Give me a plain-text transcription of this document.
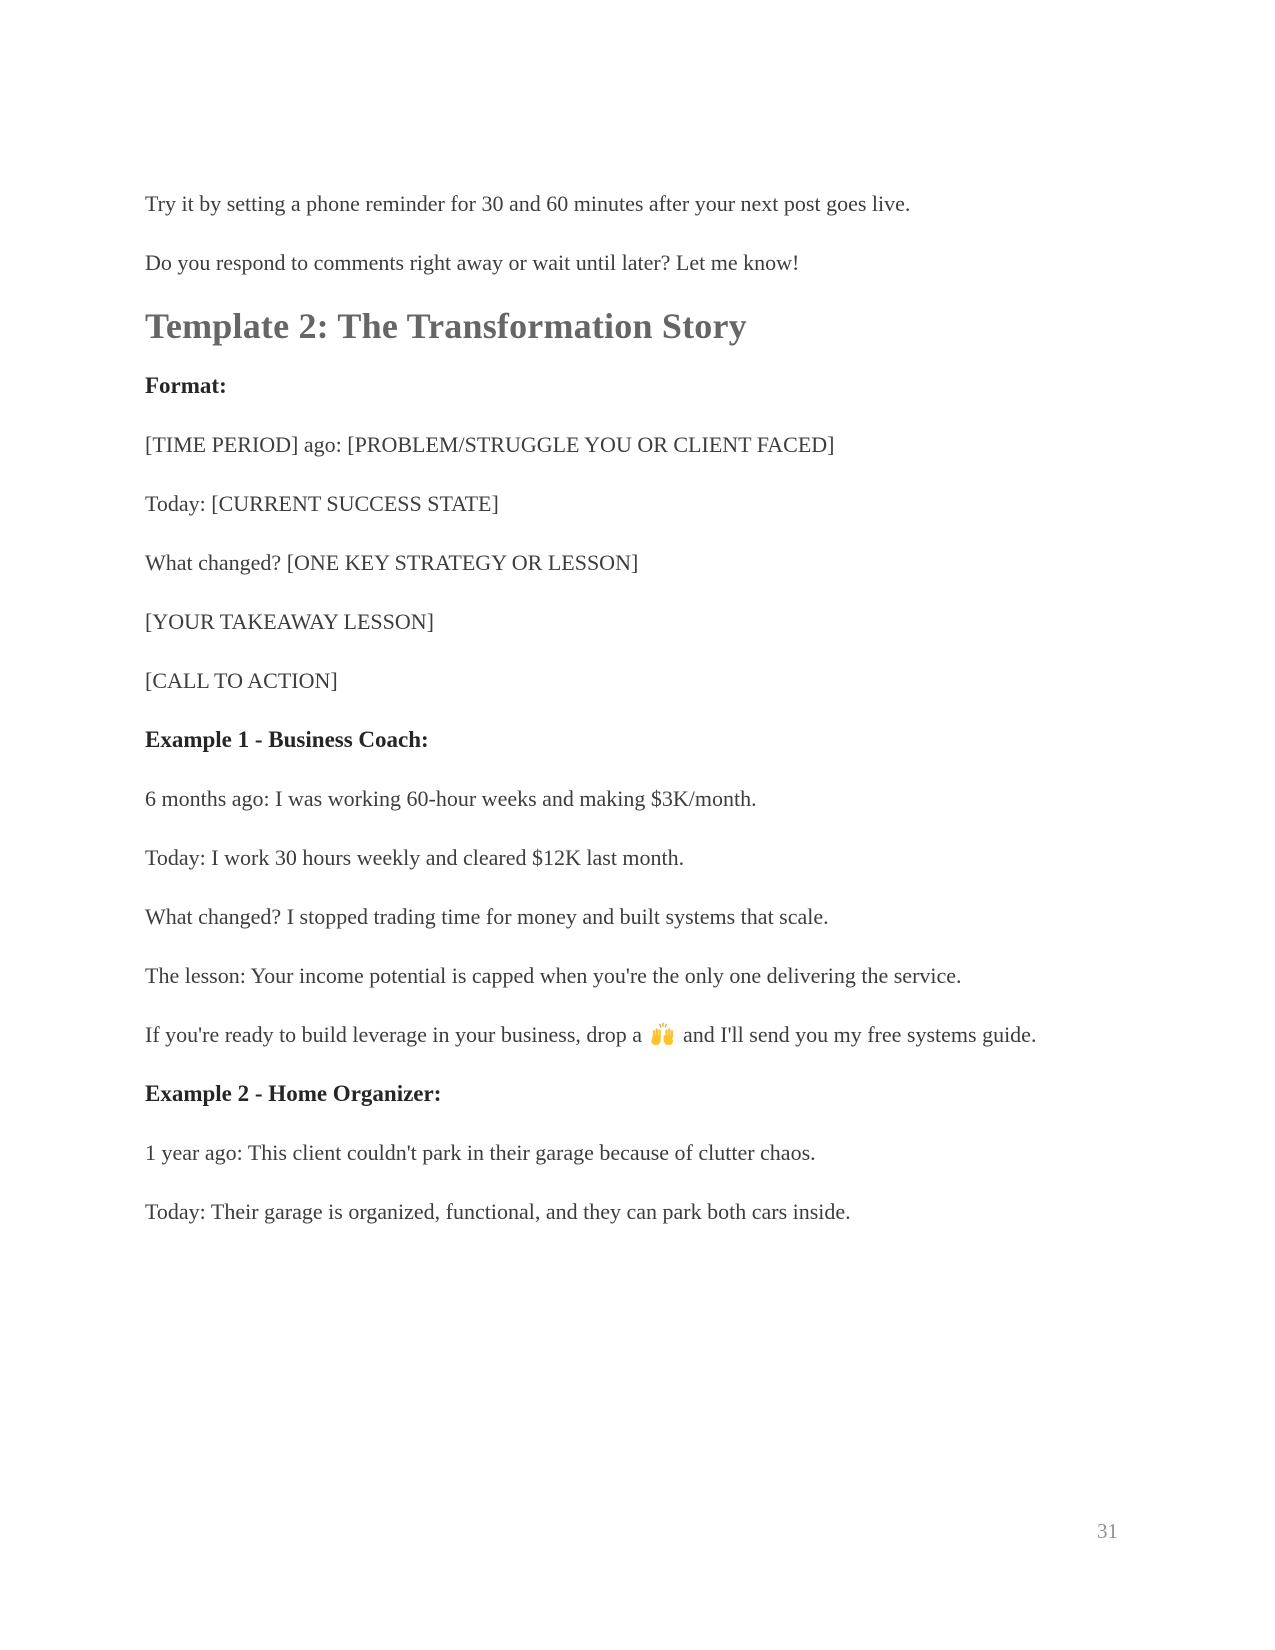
Try it by setting a phone reminder for 30 and 60 minutes after your next post goes live.

Do you respond to comments right away or wait until later? Let me know!

Template 2: The Transformation Story
Format:

[TIME PERIOD] ago: [PROBLEM/STRUGGLE YOU OR CLIENT FACED]

Today: [CURRENT SUCCESS STATE]

What changed? [ONE KEY STRATEGY OR LESSON]

[YOUR TAKEAWAY LESSON]

[CALL TO ACTION]

Example 1 - Business Coach:

6 months ago: I was working 60-hour weeks and making $3K/month.

Today: I work 30 hours weekly and cleared $12K last month.

What changed? I stopped trading time for money and built systems that scale.

The lesson: Your income potential is capped when you're the only one delivering the service.

If you're ready to build leverage in your business, drop a and I'll send you my free systems guide.

Example 2 - Home Organizer:

1 year ago: This client couldn't park in their garage because of clutter chaos.

Today: Their garage is organized, functional, and they can park both cars inside.

31
